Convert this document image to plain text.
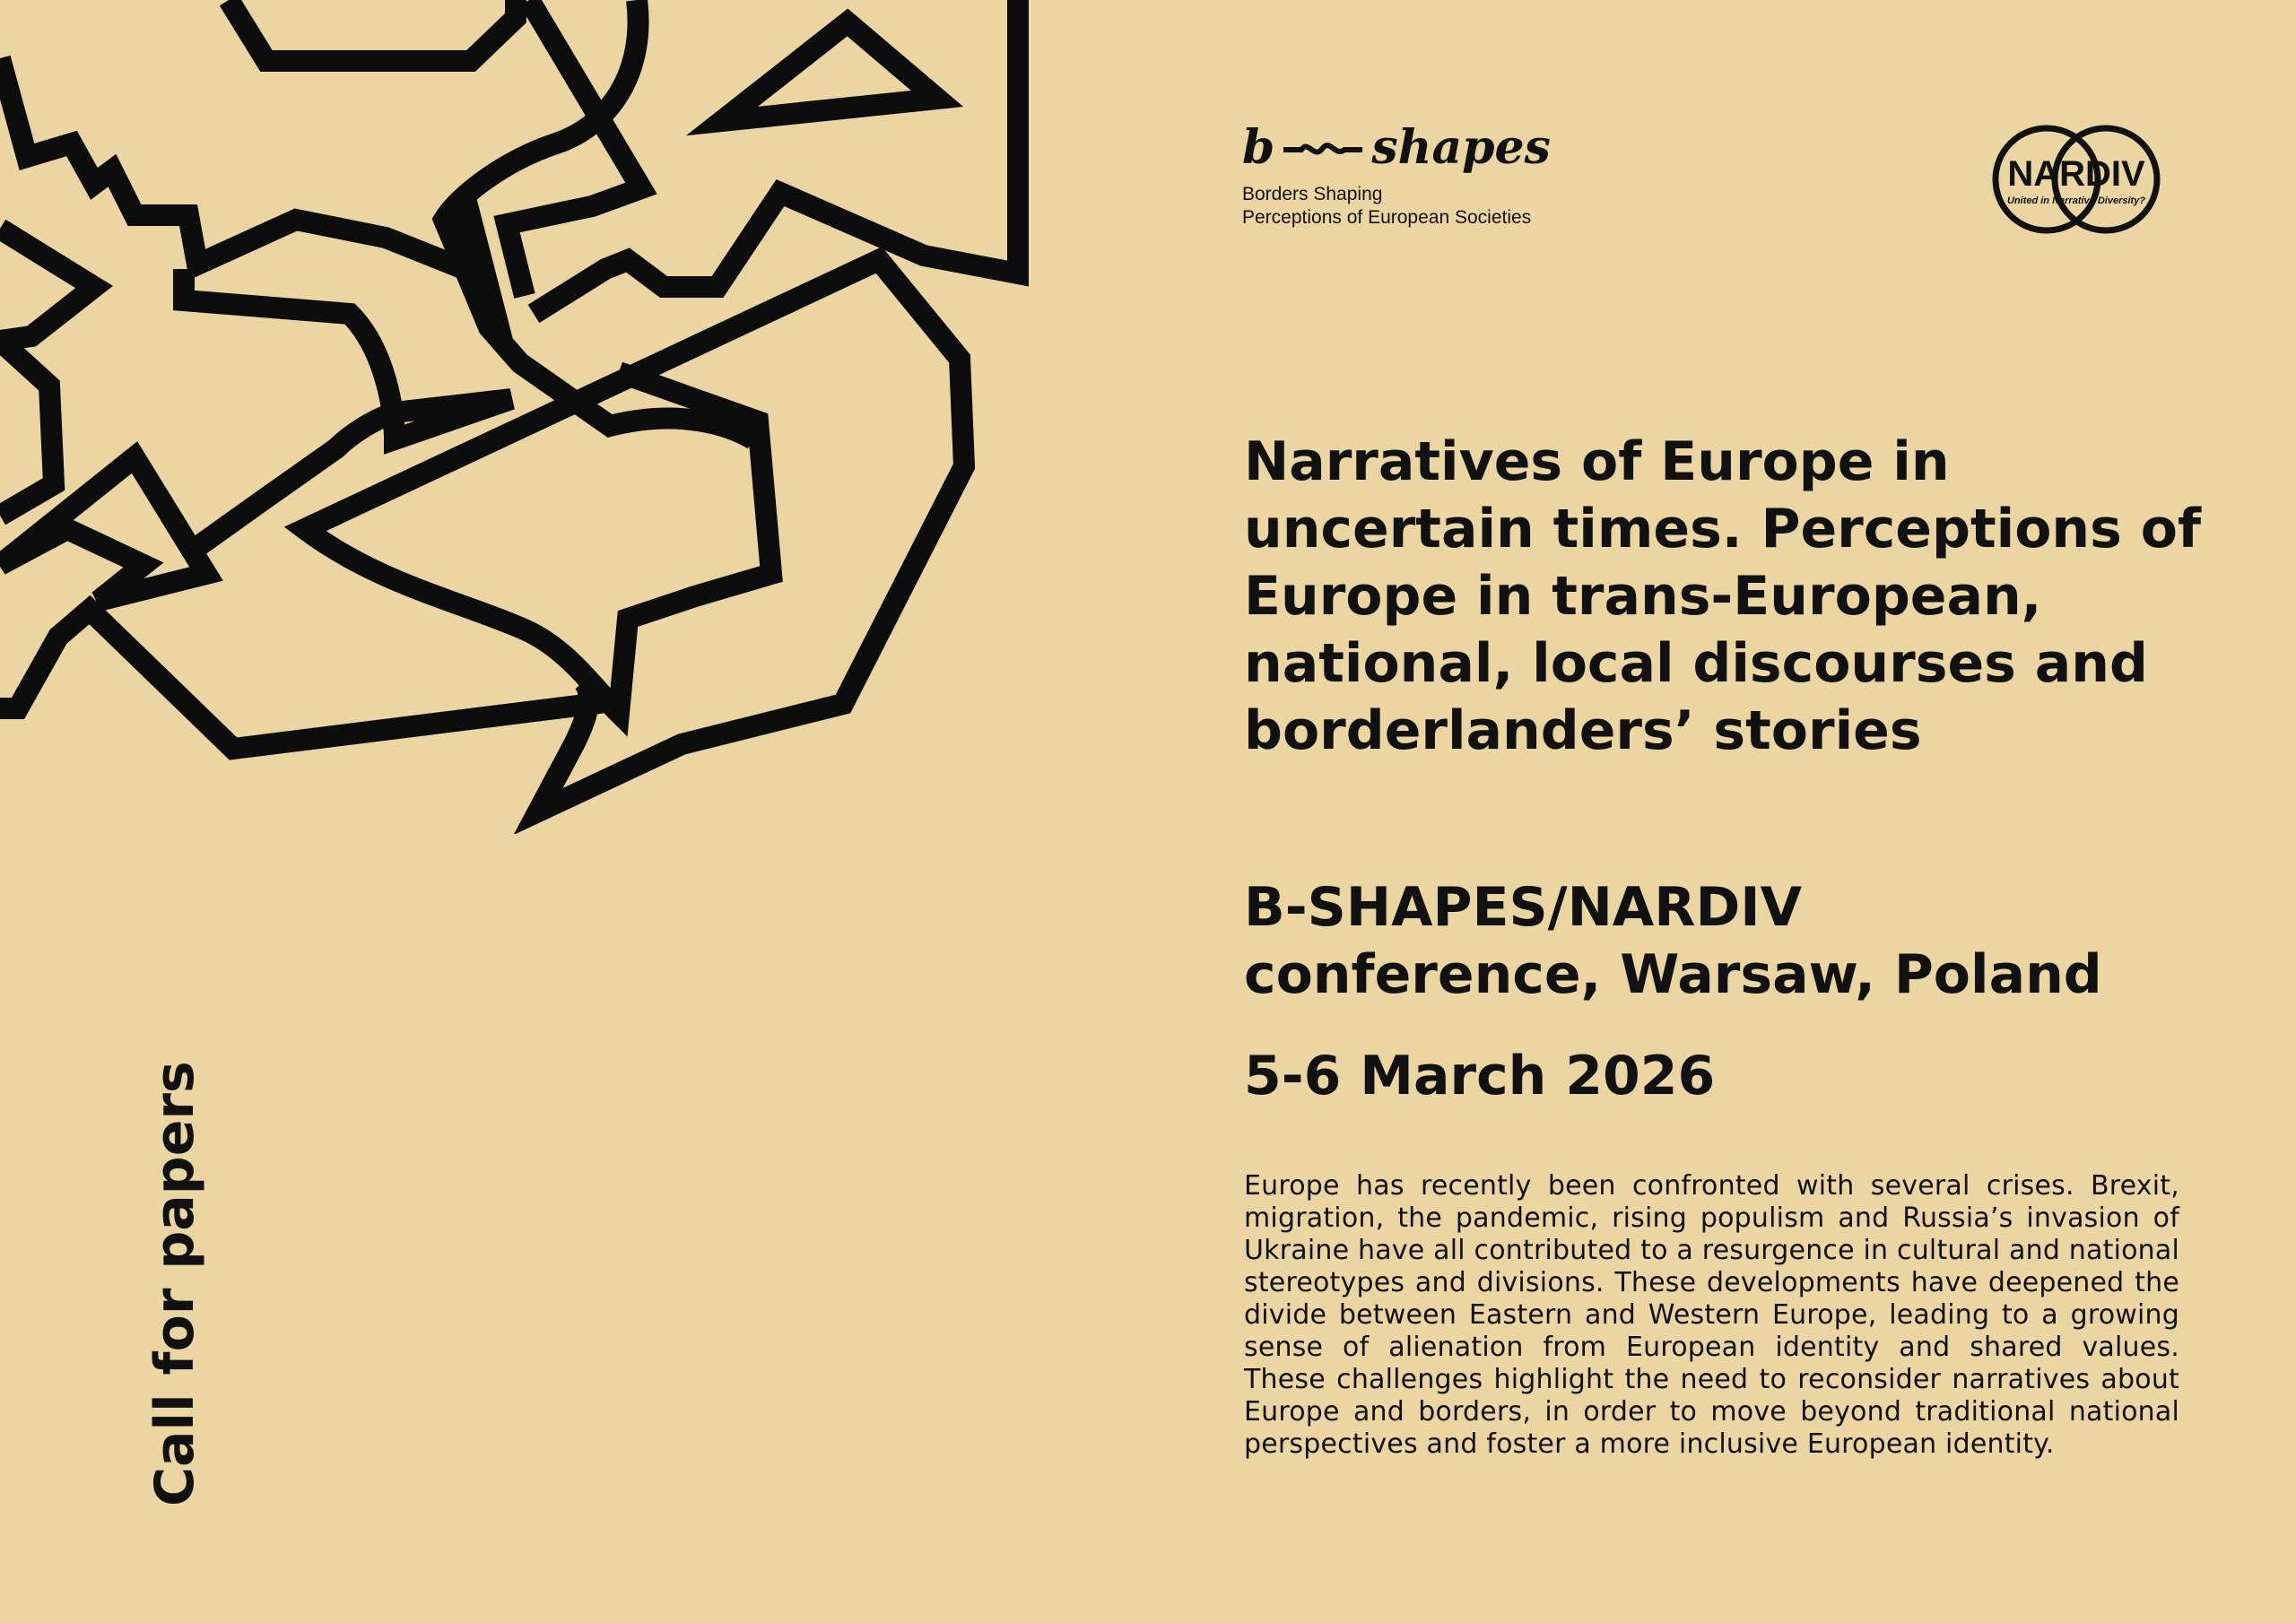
b shapes
Borders Shaping
Perceptions of European Societies
NARDIV
United in Narrative Diversity?
Narratives of Europe in uncertain times. Perceptions of Europe in trans-European, national, local discourses and borderlanders’ stories
B-SHAPES/NARDIV
conference, Warsaw, Poland
5-6 March 2026

Europe has recently been confronted with several crises. Brexit, migration, the pandemic, rising populism and Russia’s invasion of Ukraine have all contributed to a resurgence in cultural and national stereotypes and divisions. These developments have deepened the divide between Eastern and Western Europe, leading to a growing sense of alienation from European identity and shared values. These challenges highlight the need to reconsider narratives about Europe and borders, in order to move beyond traditional national perspectives and foster a more inclusive European identity.

Call for papers
